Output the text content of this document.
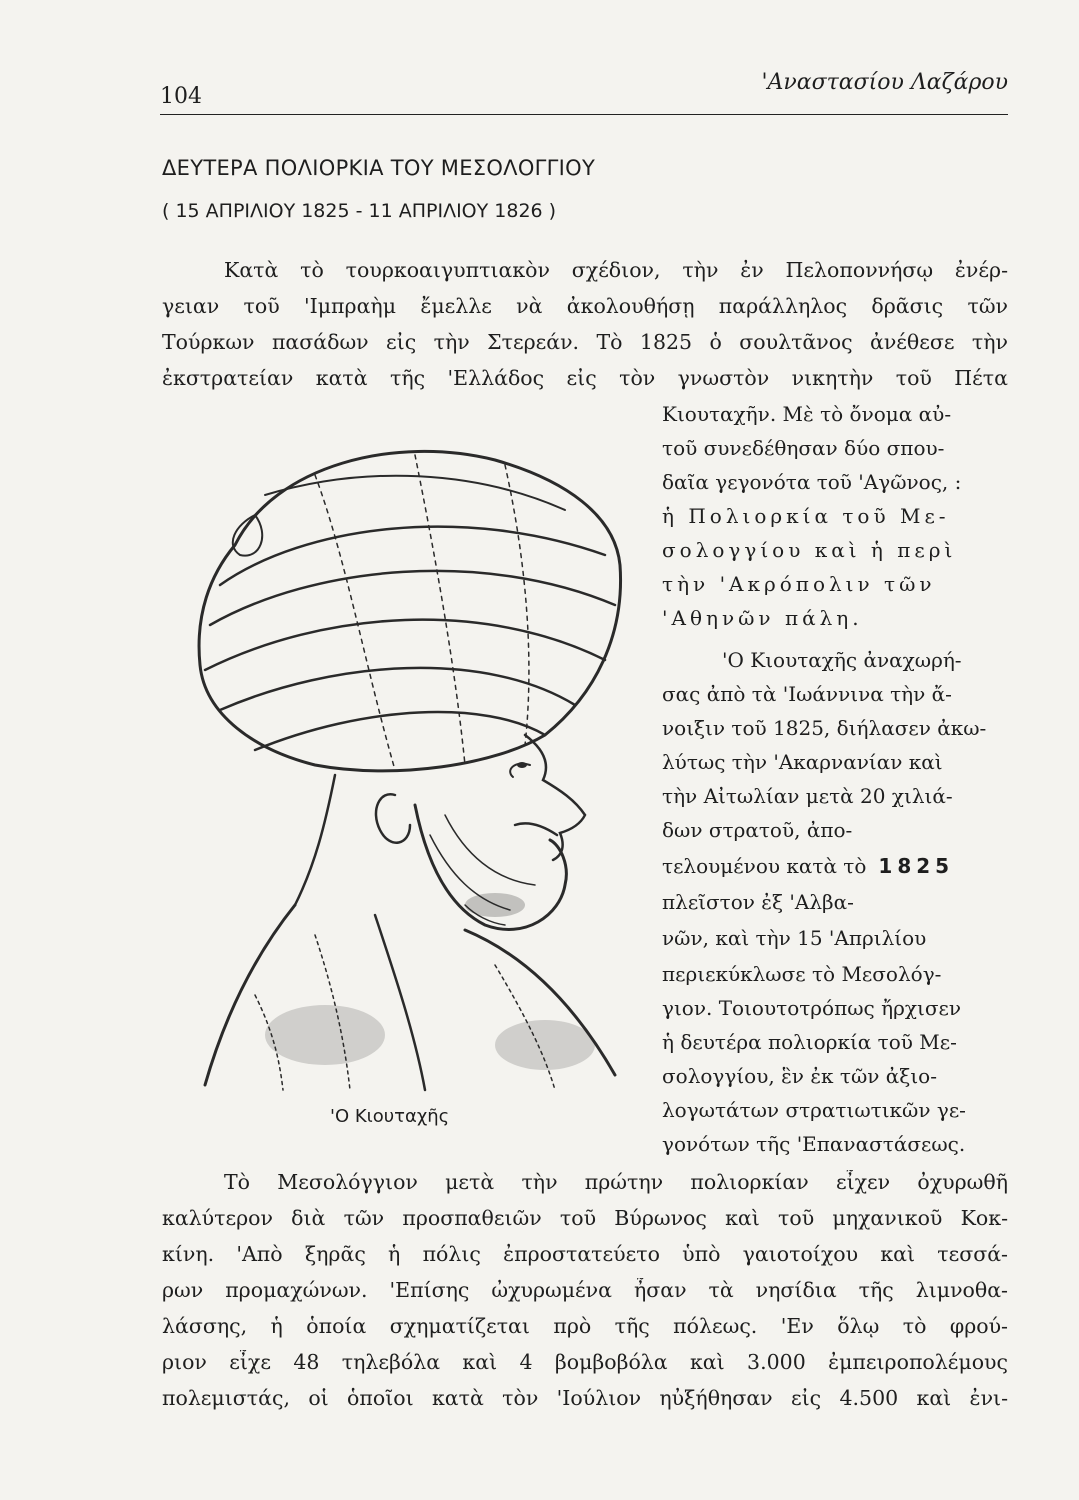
104
'Αναστασίου Λαζάρου
ΔΕΥΤΕΡΑ ΠΟΛΙΟΡΚΙΑ ΤΟΥ ΜΕΣΟΛΟΓΓΙΟΥ
( 15 ΑΠΡΙΛΙΟΥ 1825 - 11 ΑΠΡΙΛΙΟΥ 1826 )
Κατὰ τὸ τουρκοαιγυπτιακὸν σχέδιον, τὴν ἐν Πελοποννήσῳ ἐνέρ-
γειαν τοῦ 'Ιμπραὴμ ἔμελλε νὰ ἀκολουθήσῃ παράλληλος δρᾶσις τῶν
Τούρκων πασάδων εἰς τὴν Στερεάν. Τὸ 1825 ὁ σουλτᾶνος ἀνέθεσε τὴν
ἐκστρατείαν κατὰ τῆς 'Ελλάδος εἰς τὸν γνωστὸν νικητὴν τοῦ Πέτα
Κιουταχῆν. Μὲ τὸ ὄνομα αὐ-
τοῦ συνεδέθησαν δύο σπου-
δαῖα γεγονότα τοῦ 'Αγῶνος, :
ἡ Πολιορκία τοῦ Με-
σολογγίου καὶ ἡ περὶ
τὴν 'Ακρόπολιν τῶν
'Αθηνῶν πάλη.
'Ο Κιουταχῆς ἀναχωρή-
σας ἀπὸ τὰ 'Ιωάννινα τὴν ἄ-
νοιξιν τοῦ 1825, διήλασεν ἀκω-
λύτως τὴν 'Ακαρνανίαν καὶ
τὴν Αἰτωλίαν μετὰ 20 χιλιά-
δων στρατοῦ, ἀπο-
τελουμένου κατὰ τὸ 1825
πλεῖστον ἐξ 'Αλβα-
νῶν, καὶ τὴν 15 'Απριλίου
περιεκύκλωσε τὸ Μεσολόγ-
γιον. Τοιουτοτρόπως ἤρχισεν
ἡ δευτέρα πολιορκία τοῦ Με-
σολογγίου, ἓν ἐκ τῶν ἀξιο-
λογωτάτων στρατιωτικῶν γε-
γονότων τῆς 'Επαναστάσεως.
'Ο Κιουταχῆς
Τὸ Μεσολόγγιον μετὰ τὴν πρώτην πολιορκίαν εἶχεν ὀχυρωθῆ
καλύτερον διὰ τῶν προσπαθειῶν τοῦ Βύρωνος καὶ τοῦ μηχανικοῦ Κοκ-
κίνη. 'Απὸ ξηρᾶς ἡ πόλις ἐπροστατεύετο ὑπὸ γαιοτοίχου καὶ τεσσά-
ρων προμαχώνων. 'Επίσης ὠχυρωμένα ἦσαν τὰ νησίδια τῆς λιμνοθα-
λάσσης, ἡ ὁποία σχηματίζεται πρὸ τῆς πόλεως. 'Εν ὅλῳ τὸ φρού-
ριον εἶχε 48 τηλεβόλα καὶ 4 βομβοβόλα καὶ 3.000 ἐμπειροπολέμους
πολεμιστάς, οἱ ὁποῖοι κατὰ τὸν 'Ιούλιον ηὐξήθησαν εἰς 4.500 καὶ ἐνι-
